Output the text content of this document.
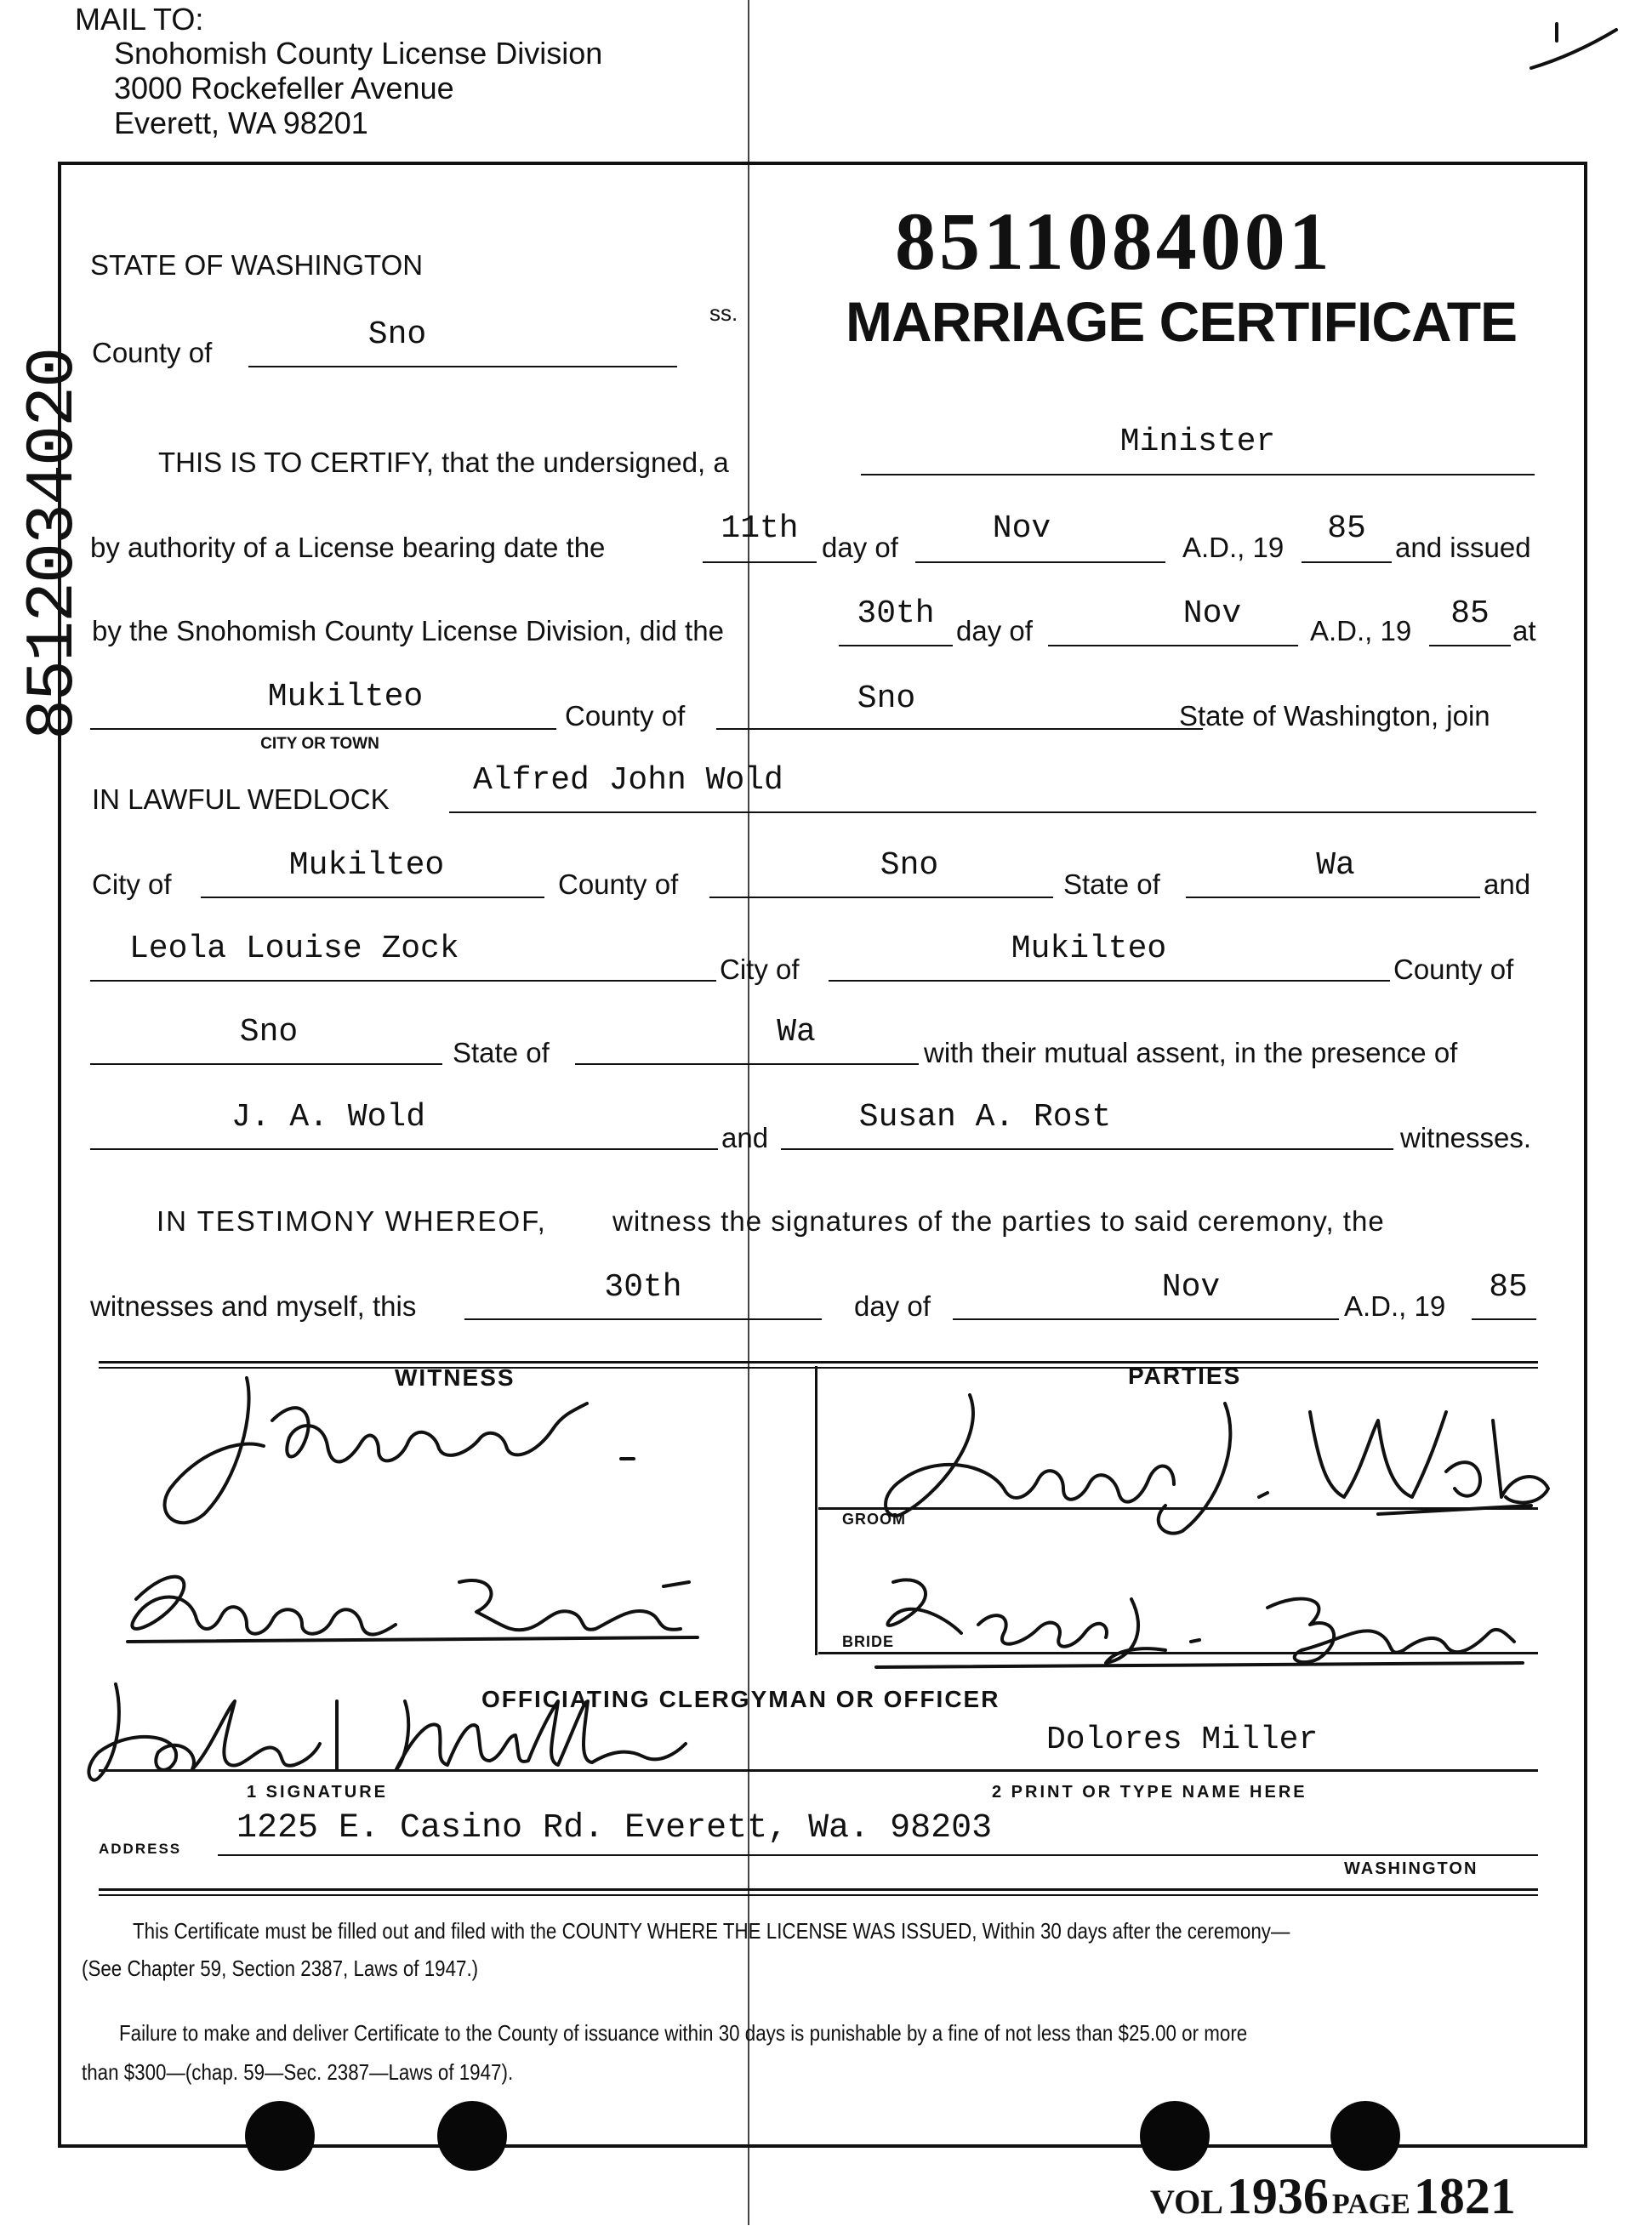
MAIL TO:
Snohomish County License Division
3000 Rockefeller Avenue
Everett, WA 98201
8512034020
8511084001
MARRIAGE CERTIFICATE
STATE OF WASHINGTON
ss.
County of	Sno
THIS IS TO CERTIFY, that the undersigned, a
Minister
by authority of a License bearing date the
11th
day of
Nov
A.D., 19
85
and issued
by the Snohomish County License Division, did the	30th day of	Nov	A.D., 19	85 at
Mukilteo
CITY OR TOWN
County of	Sno	State of Washington, join
IN LAWFUL WEDLOCK
Alfred John Wold
City of
Mukilteo
County of
Sno
State of
Wa
and
Leola Louise Zock
City of
Mukilteo
County of
Sno
State of
Wa
with their mutual assent, in the presence of
J. A. Wold
and
Susan A. Rost
witnesses.
IN TESTIMONY WHEREOF, witness the signatures of the parties to said ceremony, the
witnesses and myself, this
30th
day of
Nov
A.D., 19
85
WITNESS	PARTIES
GROOM
BRIDE
OFFICIATING CLERGYMAN OR OFFICER
Dolores Miller
1 SIGNATURE	2 PRINT OR TYPE NAME HERE
ADDRESS
1225 E. Casino Rd. Everett, Wa. 98203
WASHINGTON
This Certificate must be filled out and filed with the COUNTY WHERE THE LICENSE WAS ISSUED, Within 30 days after the ceremony—
(See Chapter 59, Section 2387, Laws of 1947.)
Failure to make and deliver Certificate to the County of issuance within 30 days is punishable by a fine of not less than $25.00 or more
than $300—(chap. 59—Sec. 2387—Laws of 1947).
VOL 1936 PAGE 1821
